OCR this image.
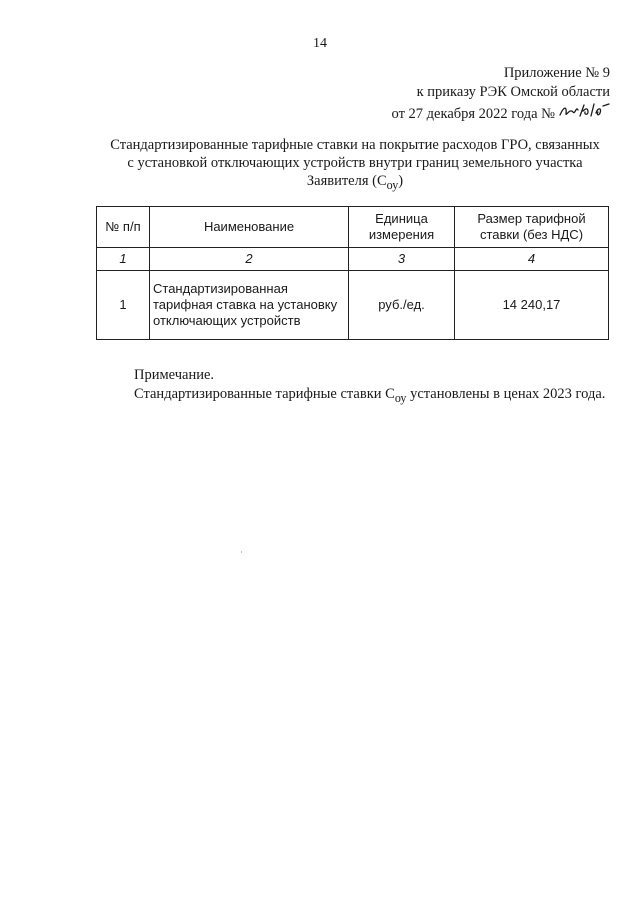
14
Приложение № 9
к приказу РЭК Омской области
от 27 декабря 2022 года №
Стандартизированные тарифные ставки на покрытие расходов ГРО, связанных
с установкой отключающих устройств внутри границ земельного участка
Заявителя $(С_{оу})$
№ п/п	Наименование	Единица измерения	Размер тарифной ставки (без НДС)
1	2	3	4
1	Стандартизированная тарифная ставка на установку отключающих устройств	руб./ед.	14 240,17

Примечание.

Стандартизированные тарифные ставки $С_{оу}$ установлены в ценах 2023 года.
